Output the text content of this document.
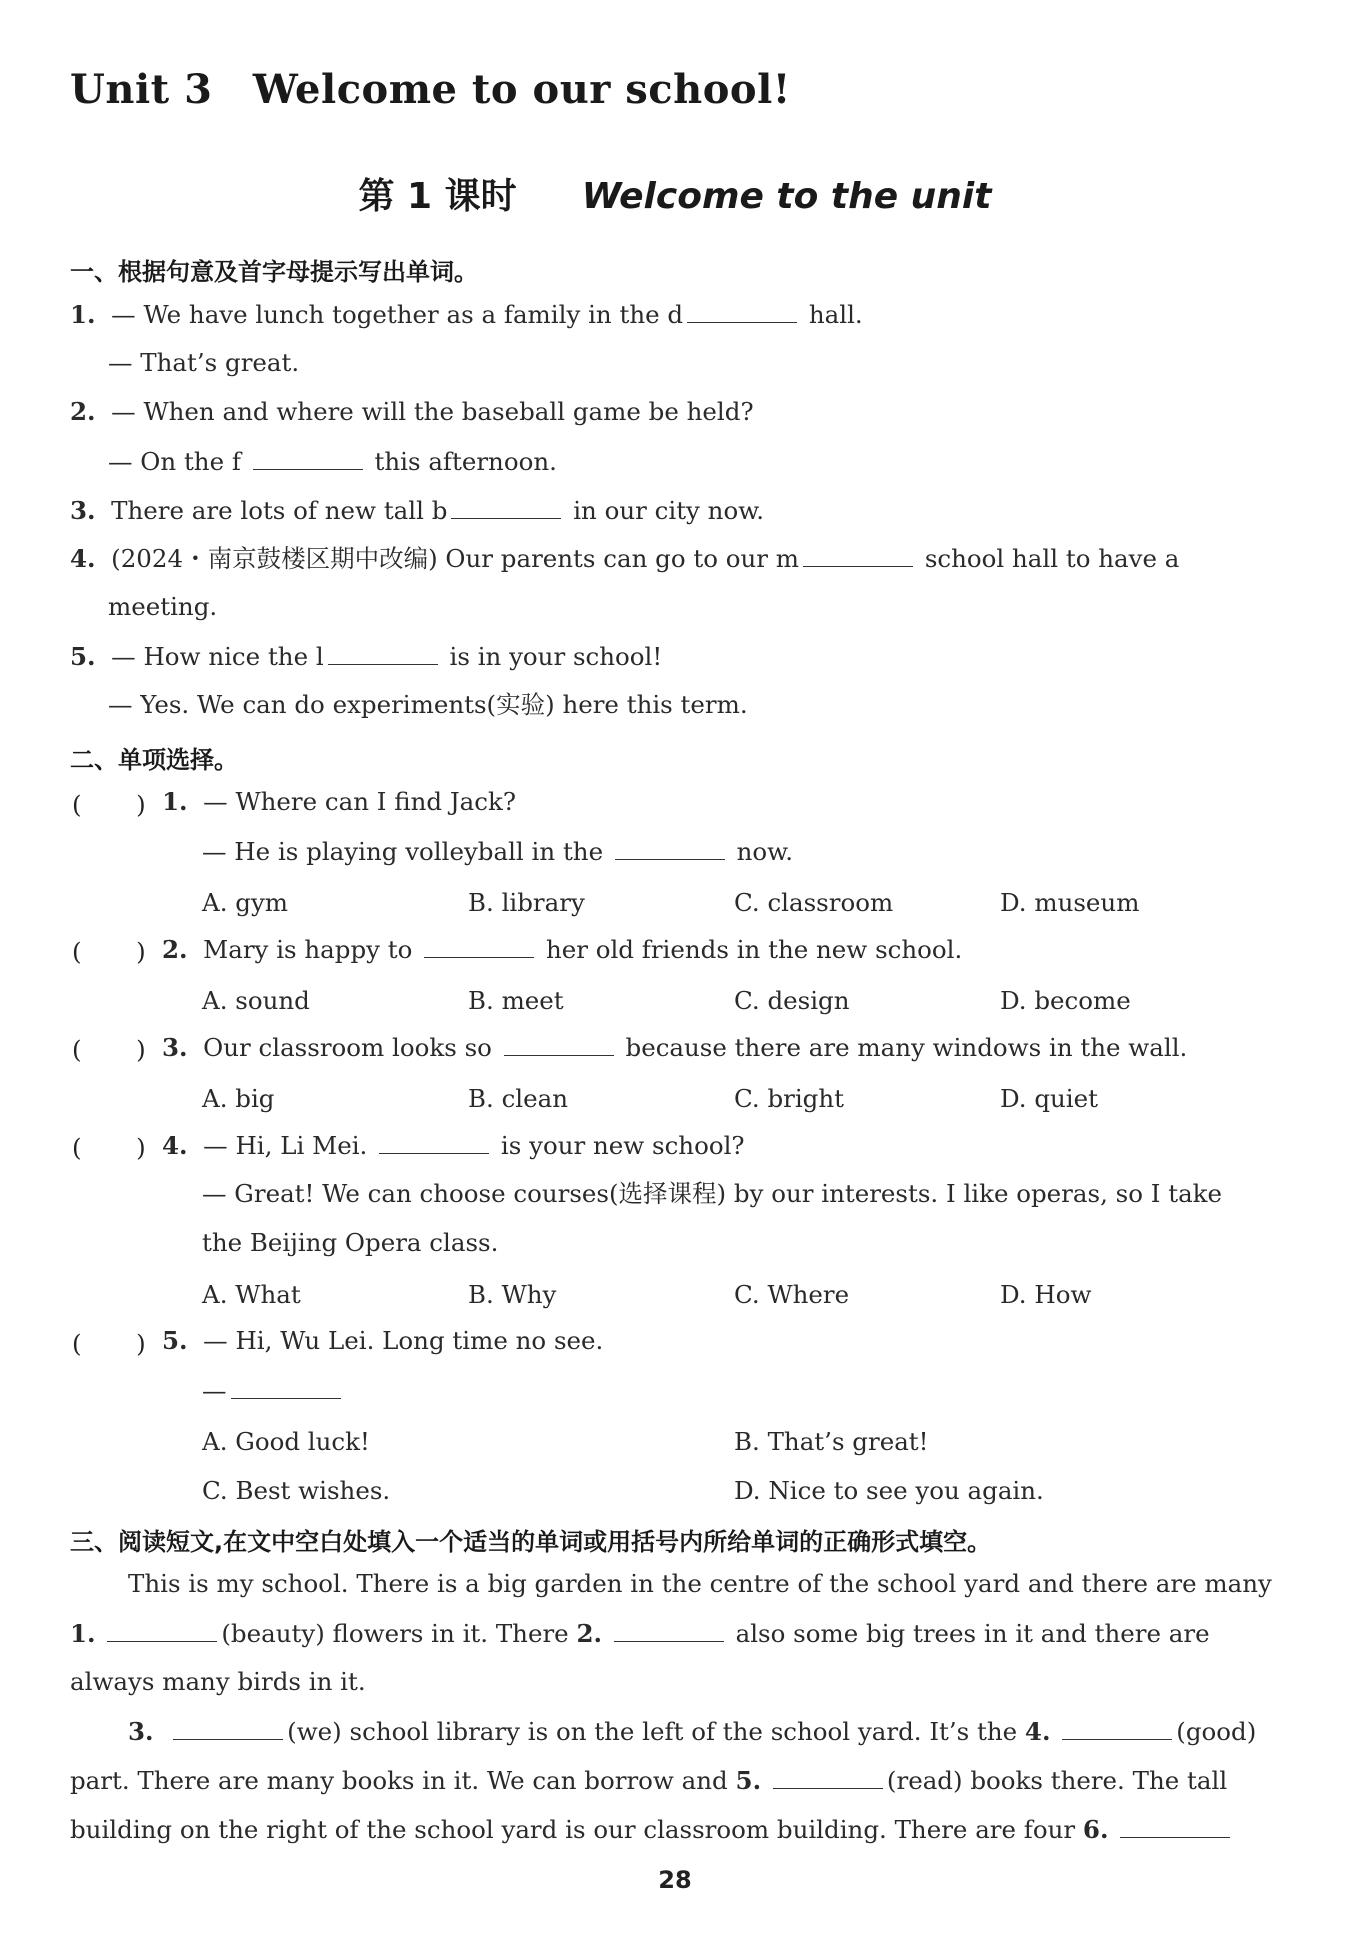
Unit 3　Welcome to our school!
第 1 课时 Welcome to the unit
一、根据句意及首字母提示写出单词。
1. — We have lunch together as a family in the d	hall.
— That’s great.
2. — When and where will the baseball game be held?
— On the f	this afternoon.
3. There are lots of new tall b	in our city now.
4. (2024・南京鼓楼区期中改编) Our parents can go to our m	school hall to have a
meeting.
5. — How nice the l	is in your school!
— Yes. We can do experiments(实验) here this term.
二、单项选择。
(       ) 1. — Where can I find Jack?
— He is playing volleyball in the	now.
A. gym	B. library	C. classroom	D. museum
(       ) 2. Mary is happy to	her old friends in the new school.
A. sound	B. meet	C. design	D. become
(       ) 3. Our classroom looks so	because there are many windows in the wall.
A. big	B. clean	C. bright	D. quiet
(       ) 4. — Hi, Li Mei.	is your new school?
— Great! We can choose courses(选择课程) by our interests. I like operas, so I take
the Beijing Opera class.
A. What	B. Why	C. Where	D. How
(       ) 5. — Hi, Wu Lei. Long time no see.
—
A. Good luck!	B. That’s great!
C. Best wishes.	D. Nice to see you again.
三、阅读短文,在文中空白处填入一个适当的单词或用括号内所给单词的正确形式填空。
This is my school. There is a big garden in the centre of the school yard and there are many
1.	(beauty) flowers in it. There 2.	also some big trees in it and there are
always many birds in it.
3.	(we) school library is on the left of the school yard. It’s the 4.	(good)
part. There are many books in it. We can borrow and 5.	(read) books there. The tall
building on the right of the school yard is our classroom building. There are four 6.
28
